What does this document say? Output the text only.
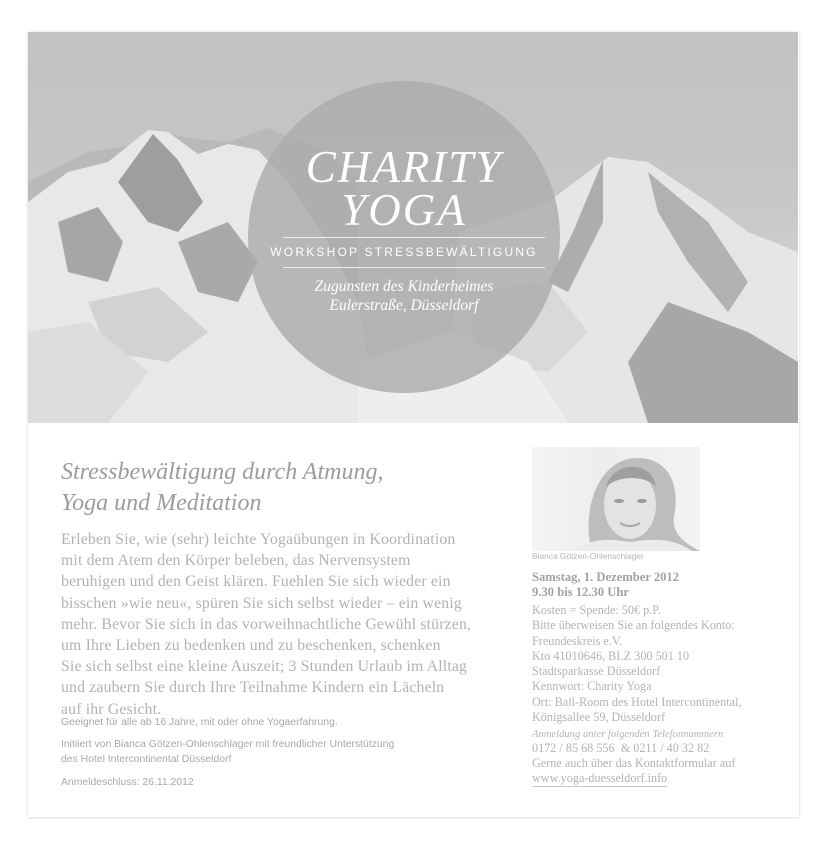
CHARITY
YOGA
WORKSHOP STRESSBEWÄLTIGUNG
Zugunsten des Kinderheimes
Eulerstraße, Düsseldorf
Stressbewältigung durch Atmung,
Yoga und Meditation
Erleben Sie, wie (sehr) leichte Yogaübungen in Koordination
mit dem Atem den Körper beleben, das Nervensystem
beruhigen und den Geist klären. Fuehlen Sie sich wieder ein
bisschen »wie neu«, spüren Sie sich selbst wieder – ein wenig
mehr. Bevor Sie sich in das vorweihnachtliche Gewühl stürzen,
um Ihre Lieben zu bedenken und zu beschenken, schenken
Sie sich selbst eine kleine Auszeit; 3 Stunden Urlaub im Alltag
und zaubern Sie durch Ihre Teilnahme Kindern ein Lächeln
auf ihr Gesicht.
Geeignet für alle ab 16 Jahre, mit oder ohne Yogaerfahrung.
Initiiert von Bianca Götzen-Ohlenschlager mit freundlicher Unterstützung
des Hotel Intercontinental Düsseldorf
Anmeldeschluss: 26.11.2012
Bianca Götzen-Ohlenschlager
Samstag, 1. Dezember 2012
9.30 bis 12.30 Uhr
Kosten = Spende: 50€ p.P.
Bitte überweisen Sie an folgendes Konto:
Freundeskreis e.V.
Kto 41010646, BLZ 300 501 10
Stadtsparkasse Düsseldorf
Kennwort: Charity Yoga
Ort: Ball-Room des Hotel Intercontinental,
Königsallee 59, Düsseldorf
Anmeldung unter folgenden Telefonnummern
0172 / 85 68 556  & 0211 / 40 32 82
Gerne auch über das Kontaktformular auf
www.yoga-duesseldorf.info
